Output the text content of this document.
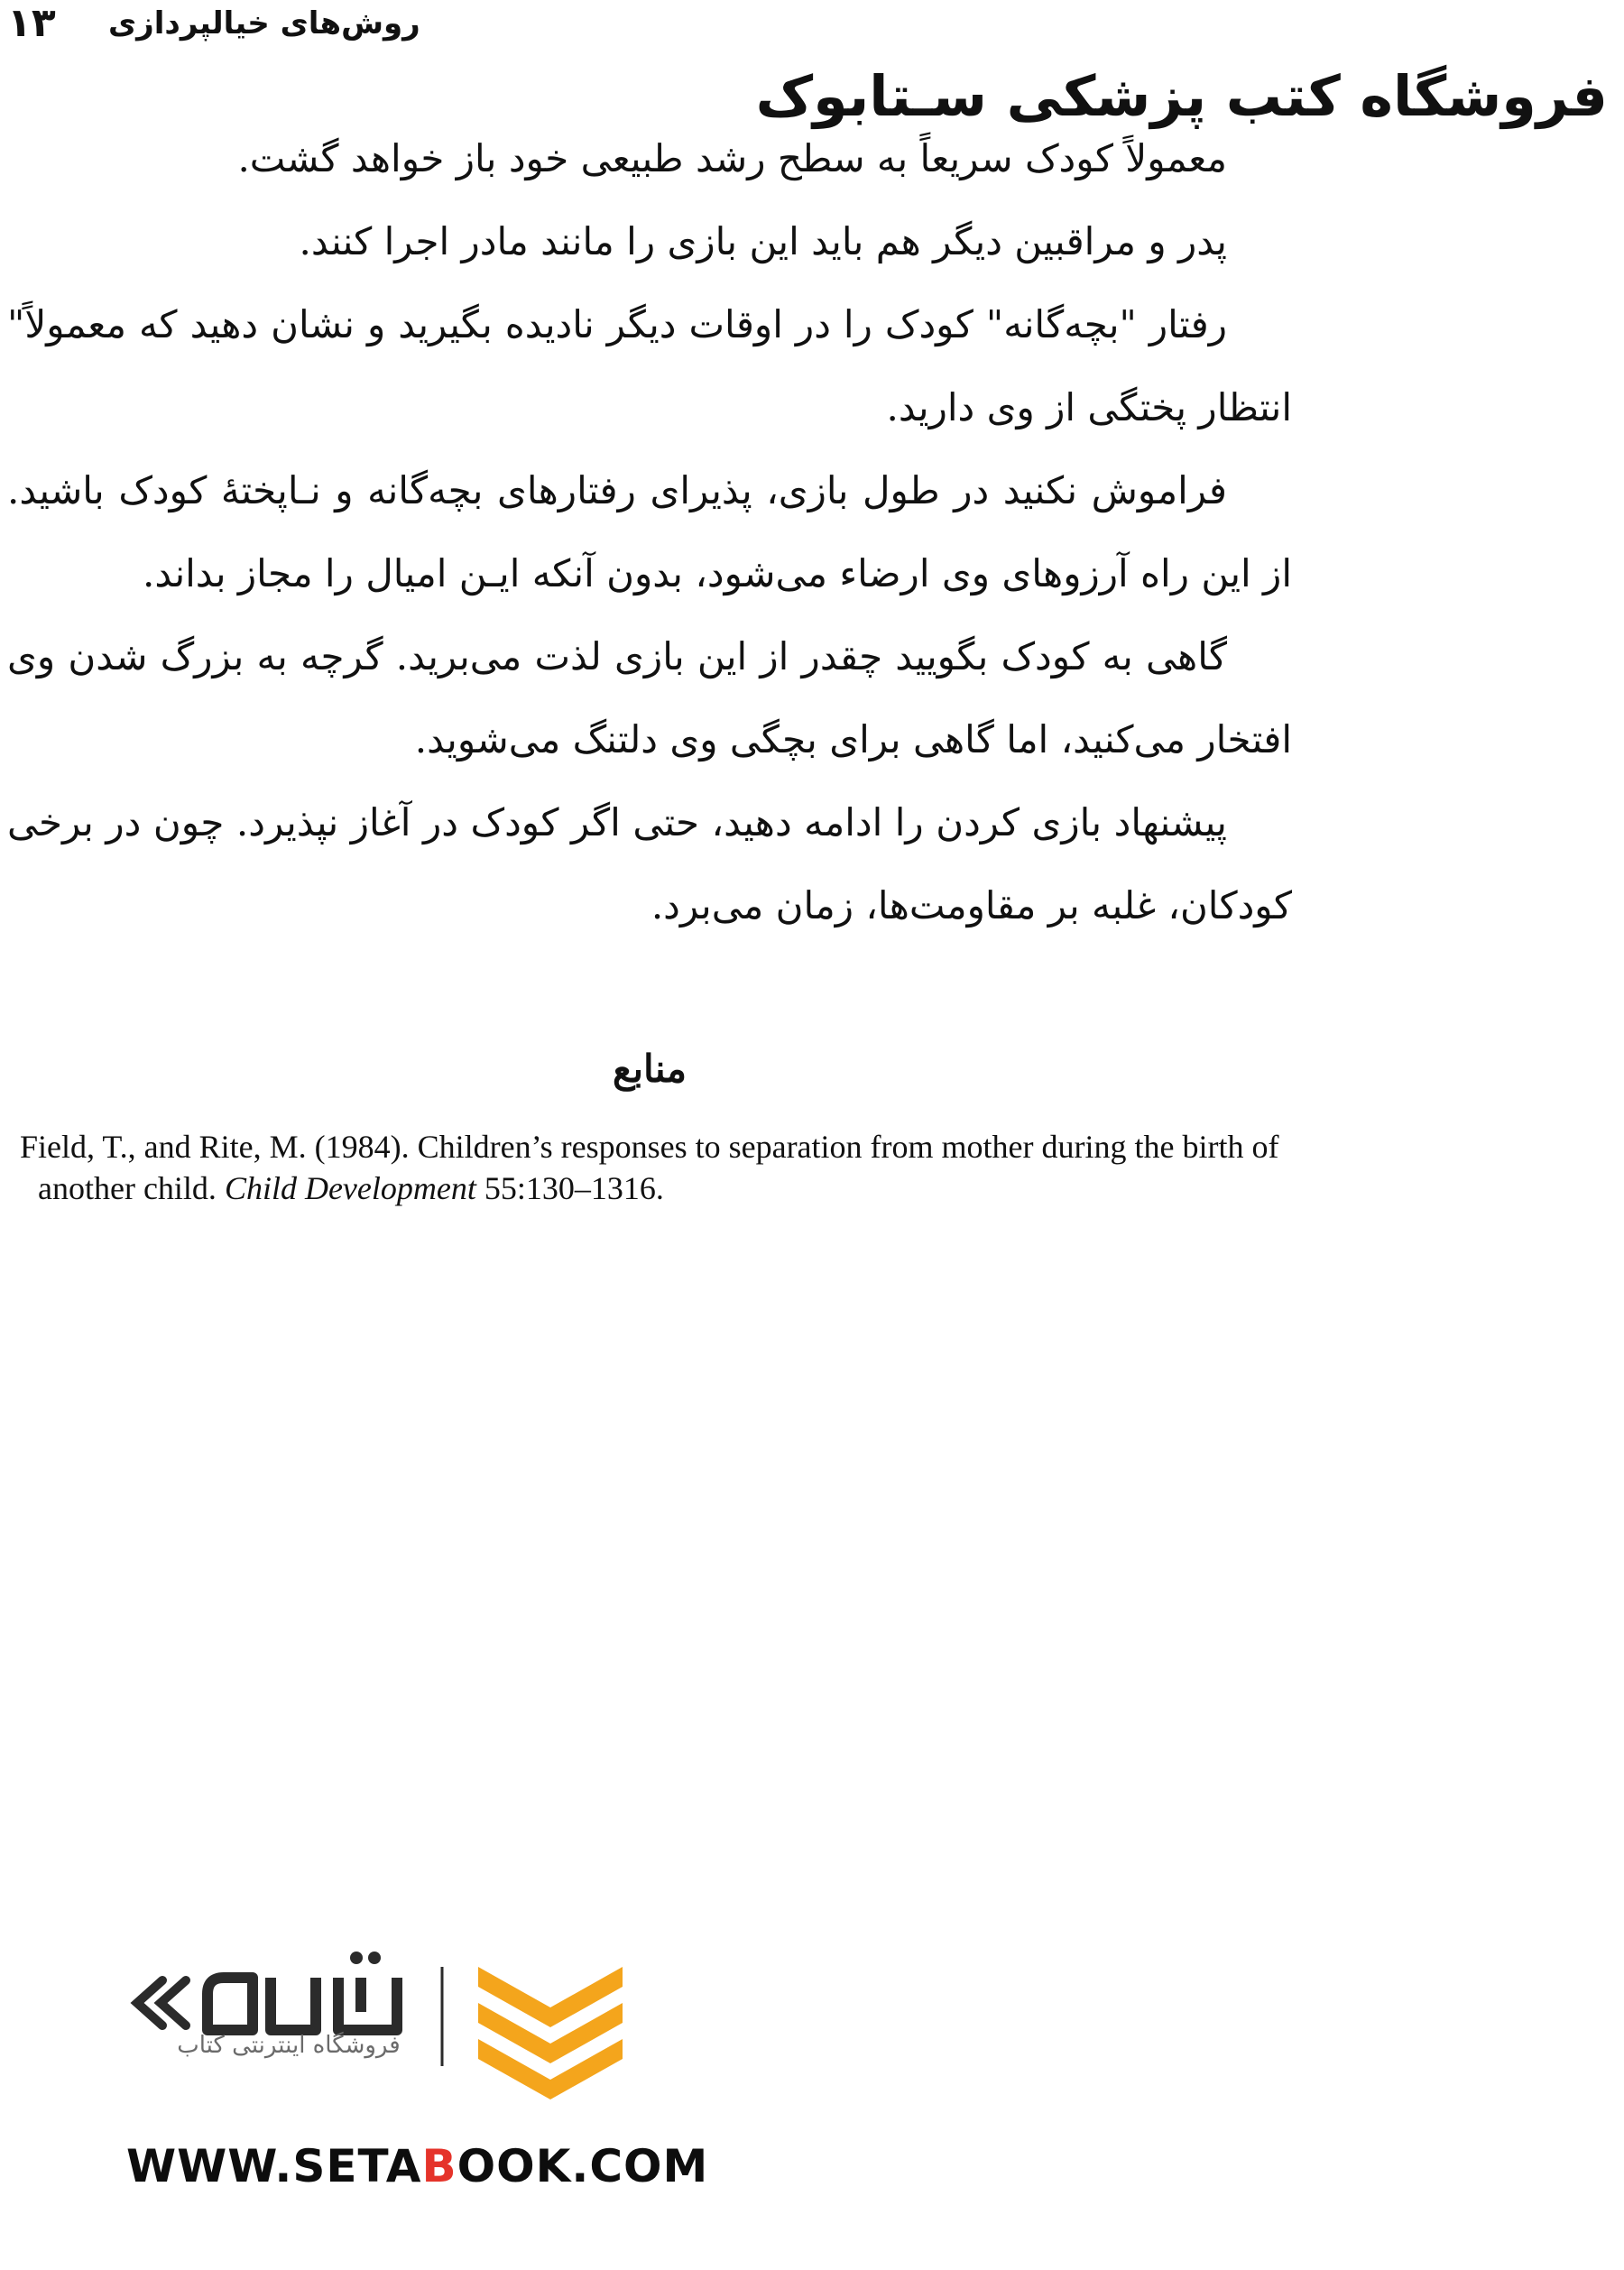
۱۳ روش‌های خیالپردازی
فروشگاه کتب پزشکی سـتابوک

معمولاً کودک سریعاً به سطح رشد طبیعی خود باز خواهد گشت.

پدر و مراقبین دیگر هم باید این بازی را مانند مادر اجرا کنند.

رفتار "بچه‌گانه" کودک را در اوقات دیگر نادیده بگیرید و نشان دهید که معمولاً" انتظار پختگی از وی دارید.

فراموش نکنید در طول بازی، پذیرای رفتارهای بچه‌گانه و نـاپختهٔ کودک باشید. از این راه آرزوهای وی ارضاء می‌شود، بدون آنکه ایـن امیال را مجاز بداند.

گاهی به کودک بگویید چقدر از این بازی لذت می‌برید. گرچه به بزرگ شدن وی افتخار می‌کنید، اما گاهی برای بچگی وی دلتنگ می‌شوید.

پیشنهاد بازی کردن را ادامه دهید، حتی اگر کودک در آغاز نپذیرد. چون در برخی کودکان، غلبه بر مقاومت‌ها، زمان می‌برد.

منابع
Field, T., and Rite, M. (1984). Children’s responses to separation from mother during the birth of another child. Child Development 55:130–1316.
فروشگاه اینترنتی کتاب
WWW.SETABOOK.COM
